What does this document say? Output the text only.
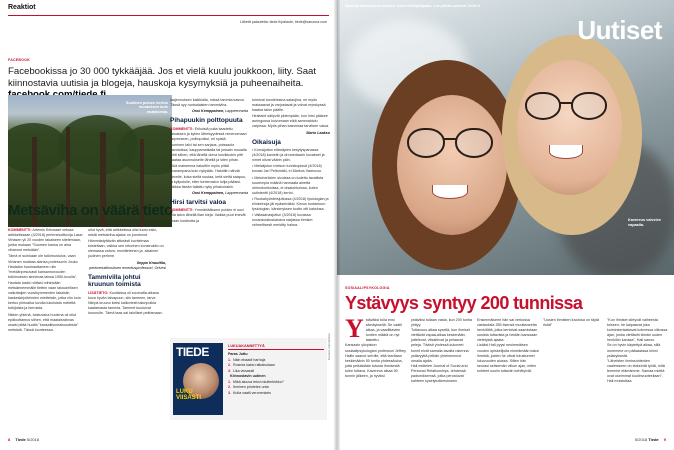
Reaktiot
Lähetä palautetta: tiede.fi/palaute, tiede@sanoma.com
FACEBOOK
Facebookissa jo 30 000 tykkääjää. Jos et vielä kuulu joukkoon, liity. Saat kiinnostavia uutisia ja blogeja, hauskoja kysymyksiä ja puheenaiheita.
Suolinen puinen kertoo muutoksen kuin rautaisesta.
Metsäviha on väärä tieto

KOMMENTTI: Artemis Kelosaari vetoaa artikkelissaan (4/2018) perinnesoittuvija Lassi Virtasen yli 20 vuoden takaiseen sitelemaan, jonka mukaan "Suomen kansa on aina vihannut metsiään".

Tämä ei suinkaan ole tutkimustulos, vaan Virtanen muistaa alansa professorin Jouko Hautalan huomauttaneen niin "meidänpesuvasti kansanrunouden tutkimuksen sinnimaa laissa 1950-luvulla".

Hautala tuskin viittasi mihinkään metsäenemmälle tiettrin vaan taloudellisen vaikuttajien vuosikymmenten takaisiin kaskeskirjoitelmien mietteisiin, jotka niin kuin kertoo piirtoaika luvulla lukuisista mieleitä tutkijoista ja hieroista.

Niiden yhtenä, toistuvana huolena oli ollut epäluottamus siihen, että maalaisrahvas osaisi pitää huolta "kansallisomaisuudesta" metsistä. Tässä luonteessa.

ollut hyvä, että artikkelissa olisi tuotu esiin, mistä metsäviha-ajatus on juontunut.

Hämmästyttävän sitkeästi kuvitelmaa toistellaan, vaikka sen retorinen konstruktio on olemassa vahva, monitieteinen ja -sikainen juulinen perinne.

Seppo Knuuttila,
perinnetutkimuksen emeritusprofessori, Orivesi
Tammivilla johtui kruunun toimista

LISÄTIETO: Kuolisissa oli suurvalta-aikana kova hyvän laivapuun, siis tammen, tarve. Niinpä kruunu kielsi kalkoriesti talonpoikia kaatamasta tammia. Tammet kuuluivat kruunulle. Tämä taas sai talolliset peittamaan.

laajennuksen kaikkialla, missä tammia kasvoi. Tässä syy ruotsalaisten tammiviha.

Ossi Kemppainen, Lappeenranta
Pihapuukin polttopuuta

KOMMENTTI: Erikoisiä puita kaadettu taloaksen ja kylien läheisyydessä nimenomaan tarpeeseen, polttopuiksi, eri syistä.

Luminen talvi tai sen sarjaus, poissaolo savotoissa, kauppamatkalla tai jossain muualla johti siihen, että lähellä oleva koivikkokin pitti kaataa asunnukselle lähellä ja siten pihan.

Eikä maiseema hakuttiin myös pitää avarampana kuin nykyään. Haluttiin nähdä järvelle, kuka sieltä soutaa, ketä sieltä saapuu, ja kylipolulle, etter tuntematon tulija pääsisi. Vaikka itseän tallattu nyky pihakoirakin.

Ossi Kemppainen, Lappeenranta
Hirsi tarvitsi valoa

KOMMENTTI: Ymmärtääkseni puiden ei sovi olla talon lähellä liian kieja. Vaikka puut imevät maan kosteutta ja

toimivat tuonteissina salaojina, ne myös maksaavat ja varjostavat ja voivat myrskyssä kaatua talon päälle.

Hirsitalot säilyvät pidempään, kun hirsi pääsee auringossa kuivumaan eikä sammaloidu varjossa. Myös pihan kasvimaa tarvitsee valoa.

Mario Laakso
Oikaisuja

• Korvajuttun elämäpien kesytyspanassa (4/2018) kamelin ja dromedaarin kuvakset ja nimet olivat väärin päin.

• Metsäjutun metson tunnikopissä (4/2018) kuvasi Jari Peltomäki, ei Markus Varesvuo.

• Meluherkkien sivuissa on todettu tavallista suurempia määriä harmaata ainetta ohimokohkoissa, ei otsalohkoissa, kuten uutistentti (4/2018) kertoi.

• Ruokahyönteisjuttussa (4/2018) fysiologian ja elinkeinoja jäi epäselväksi. Kirvun tuotantoon fysiologian, kärsimyksen tuotto otti kaksinsa.

• Valtasanasjuttun (3/2018) kuvassa ruoansulatuskanava sarjassa ihmiset virheellisesti merkitty haima.

TIEDE
LUKU
VIISASTI
LUKUAKANNETTYÄ
Paras Juttu
1. Näin ebaadt harhoja
2. Rosmia kaksi ratkaisulaan
3. Lika vissassti
Kiinnostavin uutinen
1. Mikä aiuuva teksi miulterkirkko?
2. Ihminen pöntelee unta
3. Kulta vaatii veronenkeis
Kuvitus: Istockphoto
8 Tiede 5/2018
Äänestä kiinnostavin uutinen: tiede.fi/lukijakilpailu. Lue päivän uutinen: tiede.fi
Uutiset
Kavereus valvelee vapaalla.
SOSIAALIPSYKOLOGIA
Ystävyys syntyy 200 tunnissa
Ystäväksi tulla ensi silmäyksellä. Se vaatii aikaa, ja vaadittavien tuntien määrä on nyt laskettu.
Kansasin yliopiston sosiaalipsykologian professori Jeffrey Hallin saanut selville, että tarvitaan keskimäärin 50 tuntia yhdessäoloa, jotta pelkästään tutusta ihmisestä tulee tuttava. Kavereus alkaa 90 tunnin jälkeen, ja hyviksi
ystäviksi tullaan vasta, kun 200 tuntia yhtiyy.
Tuttavuus alkaa sysellä, kun ihmiset viettävät vapaa-aikaa keskenään, juttelevat, vitsailevat ja pelaavat peleja. Tiiviisti yhdessä kuluneet tunnit eivät samalla tavalla rakenna ystävyyttä pelkän yhteisennnot omalla ajalla.
Hall esittelee Journal of Social and Personal Relationships -lehdessä padsmiksemsä, jotka perustuvat kahteen kyselytutkimukseen.
Ensimmäiseen hän sai verkossa vastauksia 355 itsensä muuttaneelta henkilöitä, jotka kertoivat saamistaan uusista tuttavista ja heidän kanssaan vietetystä ajasta.
Lisäksi Hall pyysi ensimmäisen vuoden opiskelijoita nimeämään kaksi ihmistä, joiden he olivat tutustuneet lukuvuoden alussa. Sitten hän seurasi seitsemän viikon ajan, miten suhteet uusiin tuttaviin kehittyivät.
"Uusien ihmisten luvuissa on täytä ristiä"
"Kun ihmiset siirtyvät vaiheesta toiseen, he kaipaavat joka kolminkertaistavat kolmessa viikossa ajan, jonka viettävät tämän uuden henkilön kanssa", Hall sanoo.
Se on hyvin käytettyä aikaa, sillä onnemme on pääasiassa kiinni ystävyksistä.
"Läheisten ihmissuhteiden vaalimiseen on tärkeintä työtä, mitä teemme elämämme. Samaa miettä ovat useimmat kuolinvuoteellaan", Hall muistuttaa.
5/2018 Tiede 9
